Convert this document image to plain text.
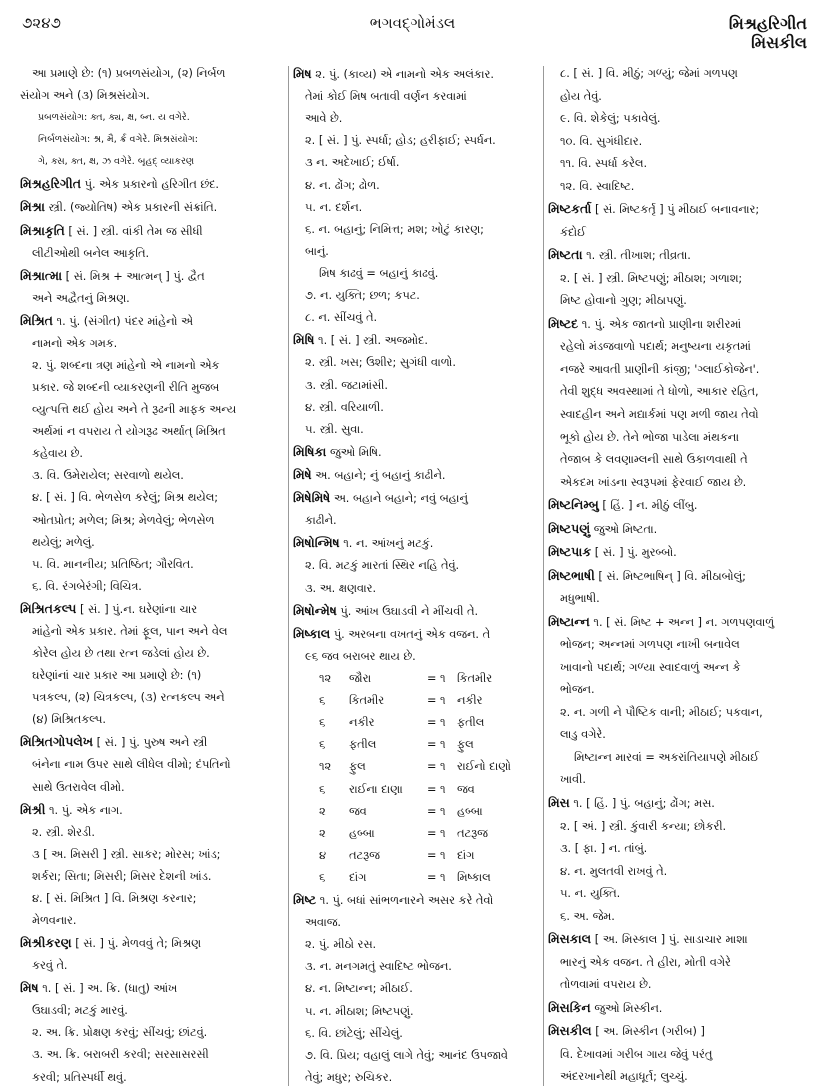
૭૨૪૭	ભગવદ્ગોમંડલ	મિશ્રહરિગીત
મિસકીલ
આ પ્રમાણે છે: (૧) પ્રબળસંયોગ, (૨) નિર્બળ
સંયોગ અને (૩) મિશ્રસંયોગ.
પ્રબળસંયોગ: ક્ત, ક્ય, ક્ષ, બ્ન. ય વગેરે.
નિર્બળસંયોગ: શ્ર, મૈ, ર્ક્ર વગેરે. મિશ્રસંયોગ:
ગે, ક્સ, ક્ત, ક્ષ, ઝ વગેરે. બૃહદ્ વ્યાકરણ
મિશ્રહરિગીત પું. એક પ્રકારનો હરિગીત છંદ.
મિશ્રા સ્ત્રી. (જ્યોતિષ) એક પ્રકારની સંક્રાંતિ.
મિશ્રાકૃતિ [ સં. ] સ્ત્રી. વાંકી તેમ જ સીધી
લીટીઓથી બનેલ આકૃતિ.
મિશ્રાત્મા [ સં. મિશ્ર + આત્મન્ ] પું. દ્વૈત
અને અદ્વૈતનું મિશ્રણ.
મિશ્રિત ૧. પું. (સંગીત) પંદર માંહેનો એ
નામનો એક ગમક.
૨. પું. શબ્દના ત્રણ માંહેનો એ નામનો એક
પ્રકાર. જે શબ્દની વ્યાકરણની રીતિ મુજબ
વ્યુત્પત્તિ થઈ હોય અને તે રૂઢની માફક અન્ય
અર્થમાં ન વપરાય તે યોગરૂઢ અર્થાત્ મિશ્રિત
કહેવાય છે.
૩. વિ. ઉમેરાયેલ; સરવાળો થયેલ.
૪. [ સં. ] વિ. ભેળસેળ કરેલું; મિશ્ર થયેલ;
ઓતપ્રોત; મળેલ; મિશ્ર; મેળવેલું; ભેળસેળ
થયેલું; મળેલું.
૫. વિ. માનનીય; પ્રતિષ્ઠિત; ગૌરવિત.
૬. વિ. રંગબેરંગી; વિચિત્ર.
મિશ્રિતકલ્પ [ સં. ] પું.ન. ઘરેણાંના ચાર
માંહેનો એક પ્રકાર. તેમાં ફૂલ, પાન અને વેલ
કોરેલ હોય છે તથા રત્ન જડેલાં હોય છે.
ઘરેણાંનાં ચાર પ્રકાર આ પ્રમાણે છે: (૧)
પત્રકલ્પ, (૨) ચિત્રકલ્પ, (૩) રત્નકલ્પ અને
(૪) મિશ્રિતકલ્પ.
મિશ્રિતગોપલેખ [ સં. ] પું. પુરુષ અને સ્ત્રી
બંનેના નામ ઉપર સાથે લીધેલ વીમો; દંપતિનો
સાથે ઉતરાવેલ વીમો.
મિશ્રી ૧. પું. એક નાગ.
૨. સ્ત્રી. શેરડી.
૩ [ અ. મિસરી ] સ્ત્રી. સાકર; મોરસ; ખાંડ;
શર્કરા; સિતા; મિસરી; મિસર દેશની ખાંડ.
૪. [ સં. મિશ્રિત ] વિ. મિશ્રણ કરનાર;
મેળવનાર.
મિશ્રીકરણ [ સં. ] પું. મેળવવું તે; મિશ્રણ
કરવું તે.
મિષ ૧. [ સં. ] અ. ક્રિ. (ધાતુ) આંખ
ઉઘાડવી; મટકું મારવું.
૨. અ. ક્રિ. પ્રોક્ષણ કરવું; સીંચવું; છાંટવું.
૩. અ. ક્રિ. બરાબરી કરવી; સરસાસરસી
કરવી; પ્રતિસ્પર્ધી થવું.
મિષ ૨. પું. (કાવ્ય) એ નામનો એક અલંકાર.
તેમાં કોઈ મિષ બતાવી વર્ણન કરવામાં
આવે છે.
૨. [ સં. ] પું. સ્પર્ધા; હોડ; હરીફાઈ; સ્પર્ધન.
૩ ન. અદેખાઈ; ઈર્ષા.
૪. ન. ઢોંગ; ઢોળ.
૫. ન. દર્શન.
૬. ન. બહાનું; નિમિત્ત; મશ; ખોટું કારણ;
બાનું.
મિષ કાઢવું = બહાનું કાઢવું.
૭. ન. યુક્તિ; છળ; કપટ.
૮. ન. સીંચવું તે.
મિષિ ૧. [ સં. ] સ્ત્રી. અજમોદ.
૨. સ્ત્રી. ખસ; ઉશીર; સુગંધી વાળો.
૩. સ્ત્રી. જટામાંસી.
૪. સ્ત્રી. વરિયાળી.
૫. સ્ત્રી. સુવા.
મિષિકા જુઓ મિષિ.
મિષે અ. બહાને; નું બહાનું કાઢીને.
મિષેમિષે અ. બહાને બહાને; નવું બહાનું
કાઢીને.
મિષોન્મિષ ૧. ન. આંખનું મટકું.
૨. વિ. મટકું મારતાં સ્થિર નહિ તેવું.
૩. અ. ક્ષણવાર.
મિષોન્મેષ પું. આંખ ઉઘાડવી ને મીંચવી તે.
મિષ્કાલ પું. અરબના વખતનું એક વજન. તે
૯૬ જવ બરાબર થાય છે.
૧૨	જૌરા	= ૧	કિતમીર
૬	કિતમીર	= ૧	નકીર
૬	નકીર	= ૧	ફતીલ
૬	ફતીલ	= ૧	ફુલ
૧૨	ફુલ	= ૧	રાઈનો દાણો
૬	રાઈના દાણા	= ૧	જવ
૨	જવ	= ૧	હબ્બા
૨	હબ્બા	= ૧	તટરૂજ
૪	તટરૂજ	= ૧	દાંગ
૬	દાંગ	= ૧	મિષ્કાલ
મિષ્ટ ૧. પું. બધાં સાંભળનારને અસર કરે તેવો
અવાજ.
૨. પું. મીઠો રસ.
૩. ન. મનગમતું સ્વાદિષ્ટ ભોજન.
૪. ન. મિષ્ટાન્ન; મીઠાઈ.
૫. ન. મીઠાશ; મિષ્ટપણું.
૬. વિ. છાંટેલું; સીંચેલું.
૭. વિ. પ્રિય; વહાલું લાગે તેવું; આનંદ ઉપજાવે
તેવું; મધુર; રુચિકર.
૮. [ સં. ] વિ. મીઠું; ગળ્યું; જેમાં ગળપણ
હોય તેવું.
૯. વિ. શેકેલું; પકાવેલું.
૧૦. વિ. સુગંધીદાર.
૧૧. વિ. સ્પર્ધા કરેલ.
૧૨. વિ. સ્વાદિષ્ટ.
મિષ્ટકર્તા [ સં. મિષ્ટકર્તૃ ] પું મીઠાઈ બનાવનાર;
કંદોઈ
મિષ્ટતા ૧. સ્ત્રી. તીખાશ; તીવ્રતા.
૨. [ સં. ] સ્ત્રી. મિષ્ટપણું; મીઠાશ; ગળાશ;
મિષ્ટ હોવાનો ગુણ; મીઠાપણું.
મિષ્ટદ ૧. પું. એક જાતનો પ્રાણીના શરીરમાં
રહેલો મંડજવાળો પદાર્થ; મનુષ્યના યકૃતમાં
નજરે આવતી પ્રાણીની કાંજી; 'ગ્લાઈકોજેન'.
તેવી શુદ્ધ અવસ્થામાં તે ધોળો, આકાર રહિત,
સ્વાદહીન અને મદ્યાર્કમાં પણ મળી જાય તેવો
ભૂકો હોય છે. તેને ભોજા પાડેલા મંથકના
તેજાબ કે લવણામ્લની સાથે ઉકાળવાથી તે
એકદમ ખાંડના સ્વરૂપમાં ફેરવાઈ જાય છે.
મિષ્ટનિમ્બુ [ હિં. ] ન. મીઠું લીંબુ.
મિષ્ટપણું જુઓ મિષ્ટતા.
મિષ્ટપાક [ સં. ] પું. મુરબ્બો.
મિષ્ટભાષી [ સં. મિષ્ટભાષિન્ ] વિ. મીઠાબોલું;
મધુભાષી.
મિષ્ટાન્ન ૧. [ સં. મિષ્ટ + અન્ન ] ન. ગળપણવાળું
ભોજન; અન્નમાં ગળપણ નાખી બનાવેલ
ખાવાનો પદાર્થ; ગળ્યા સ્વાદવાળું અન્ન કે
ભોજન.
૨. ન. ગળી ને પૌષ્ટિક વાની; મીઠાઈ; પકવાન,
લાડુ વગેરે.
મિષ્ટાન્ન મારવાં = અકરાંતિયાપણે મીઠાઈ
ખાવી.
મિસ ૧. [ હિં. ] પું. બહાનું; ઢોંગ; મસ.
૨. [ અં. ] સ્ત્રી. કુંવારી કન્યા; છોકરી.
૩. [ ફા. ] ન. તાંબું.
૪. ન. મુલતવી રાખવું તે.
૫. ન. યુક્તિ.
૬. અ. જેમ.
મિસકાલ [ અ. મિસ્કાલ ] પું. સાડાચાર માશા
ભારનું એક વજન. તે હીરા, મોતી વગેરે
તોળવામાં વપરાય છે.
મિસકિન જુઓ મિસ્કીન.
મિસકીલ [ અ. મિસ્કીન (ગરીબ) ]
વિ. દેખાવમાં ગરીબ ગાય જેવું પરંતુ
અંદરખાનેથી મહાધૂર્ત; લુચ્ચું.
